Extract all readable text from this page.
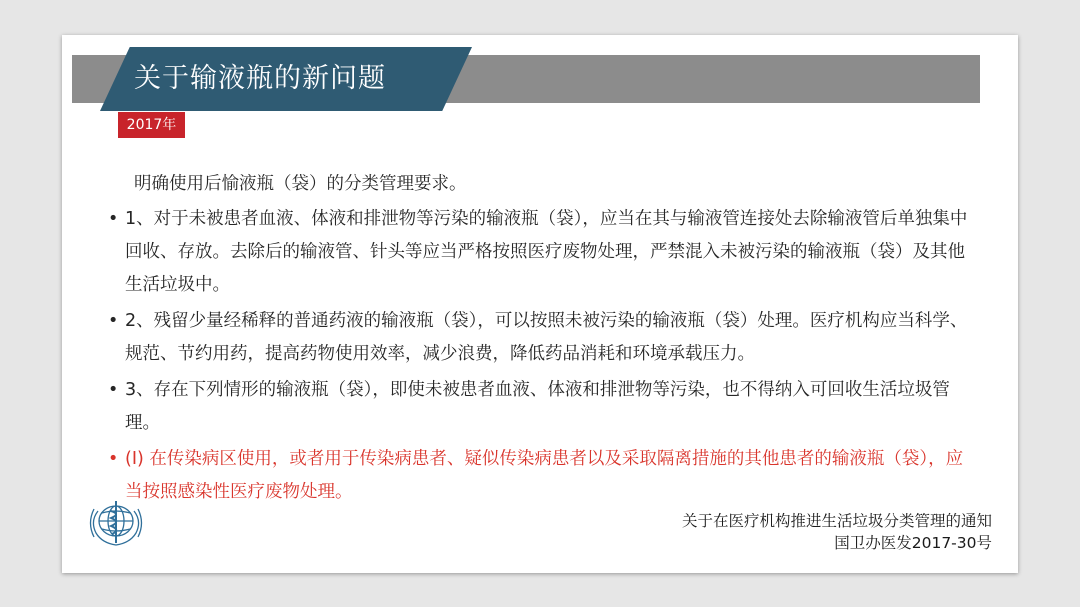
关于输液瓶的新问题
2017年
明确使用后愉液瓶（袋）的分类管理要求。
• 1、对于未被患者血液、体液和排泄物等污染的输液瓶（袋），应当在其与输液管连接处去除输液管后单独集中回收、存放。去除后的输液管、针头等应当严格按照医疗废物处理，严禁混入未被污染的输液瓶（袋）及其他生活垃圾中。
• 2、残留少量经稀释的普通药液的输液瓶（袋），可以按照未被污染的输液瓶（袋）处理。医疗机构应当科学、规范、节约用药，提高药物使用效率，减少浪费，降低药品消耗和环境承载压力。
• 3、存在下列情形的输液瓶（袋），即使未被患者血液、体液和排泄物等污染，也不得纳入可回收生活垃圾管理。
• (Ⅰ) 在传染病区使用，或者用于传染病患者、疑似传染病患者以及采取隔离措施的其他患者的输液瓶（袋），应当按照感染性医疗废物处理。
关于在医疗机构推进生活垃圾分类管理的通知
国卫办医发2017-30号
